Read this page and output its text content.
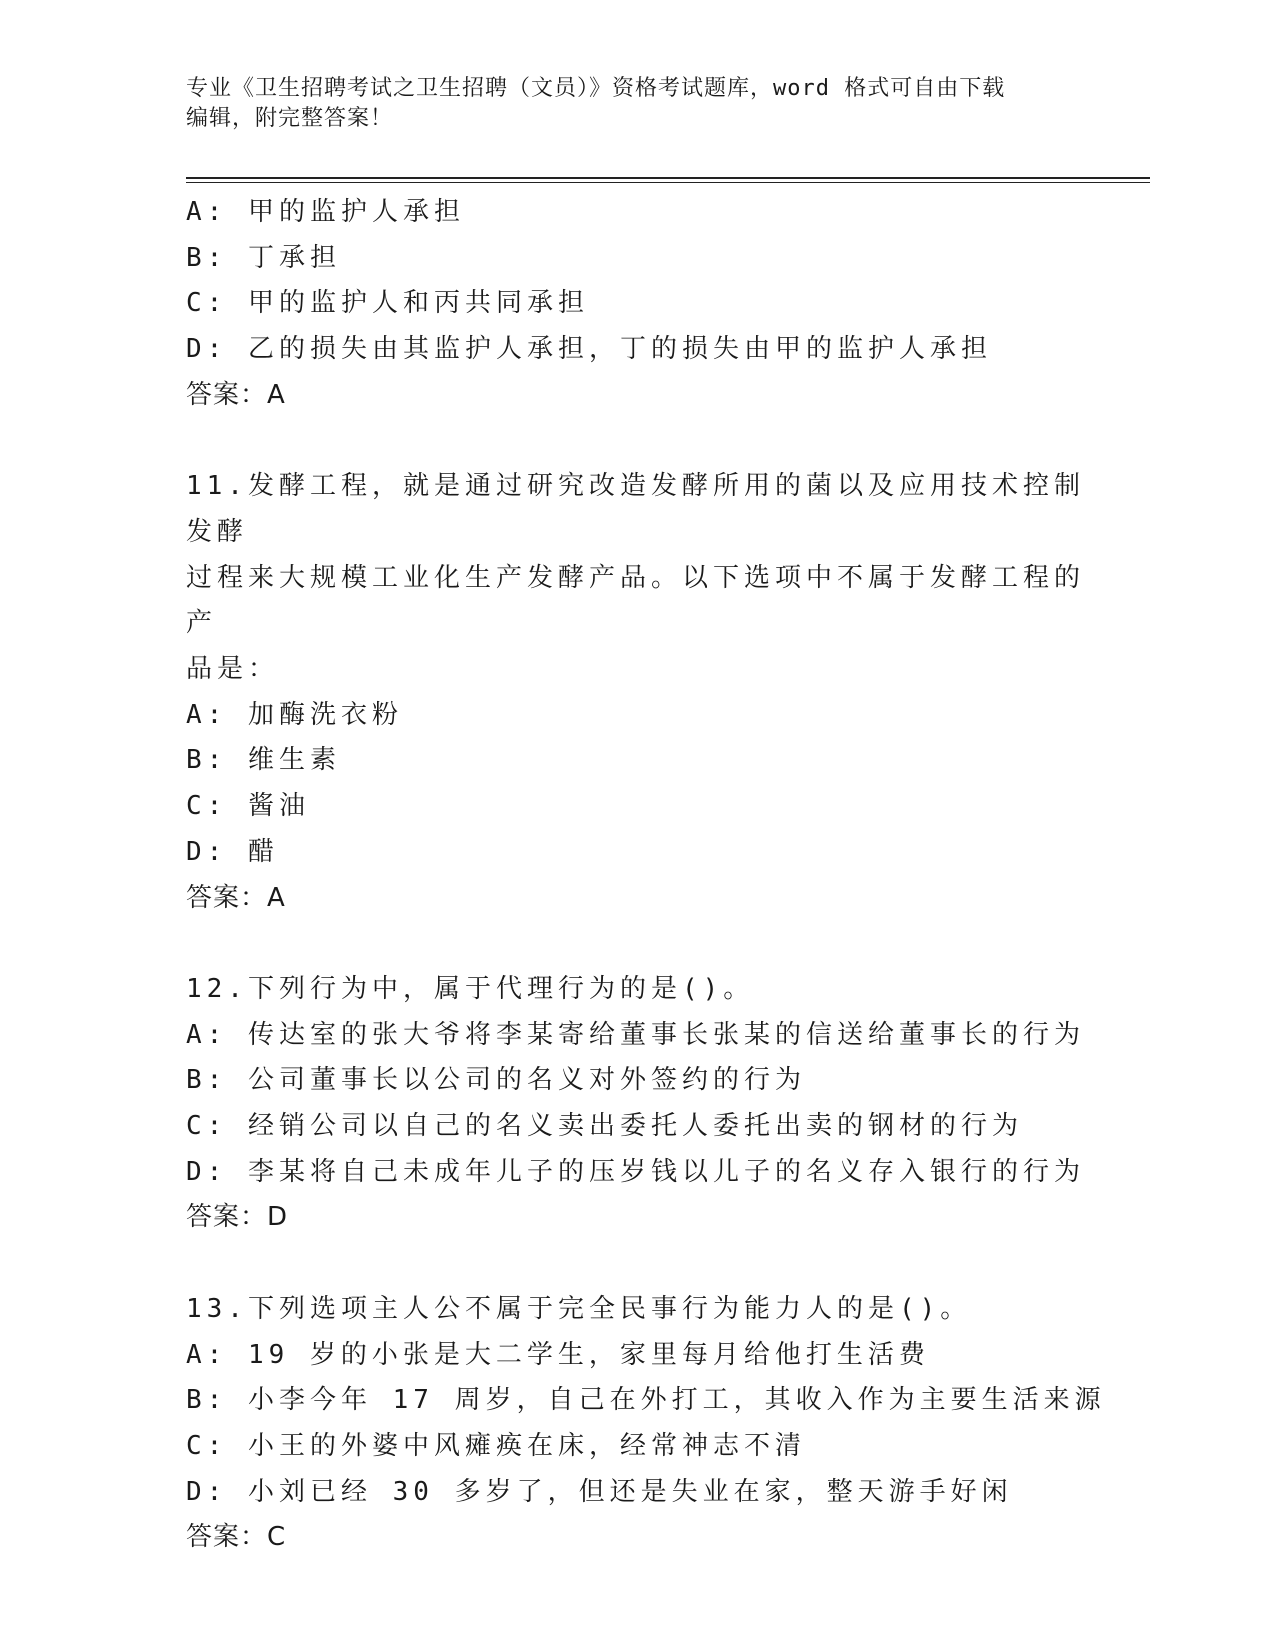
专业《卫生招聘考试之卫生招聘（文员）》资格考试题库，word 格式可自由下载
编辑，附完整答案！
A: 甲的监护人承担
B: 丁承担
C: 甲的监护人和丙共同承担
D: 乙的损失由其监护人承担，丁的损失由甲的监护人承担
答案：A
11.发酵工程，就是通过研究改造发酵所用的菌以及应用技术控制发酵
过程来大规模工业化生产发酵产品。以下选项中不属于发酵工程的产
品是：
A: 加酶洗衣粉
B: 维生素
C: 酱油
D: 醋
答案：A
12.下列行为中，属于代理行为的是()。
A: 传达室的张大爷将李某寄给董事长张某的信送给董事长的行为
B: 公司董事长以公司的名义对外签约的行为
C: 经销公司以自己的名义卖出委托人委托出卖的钢材的行为
D: 李某将自己未成年儿子的压岁钱以儿子的名义存入银行的行为
答案：D
13.下列选项主人公不属于完全民事行为能力人的是()。
A: 19 岁的小张是大二学生，家里每月给他打生活费
B: 小李今年 17 周岁，自己在外打工，其收入作为主要生活来源
C: 小王的外婆中风瘫痪在床，经常神志不清
D: 小刘已经 30 多岁了，但还是失业在家，整天游手好闲
答案：C
